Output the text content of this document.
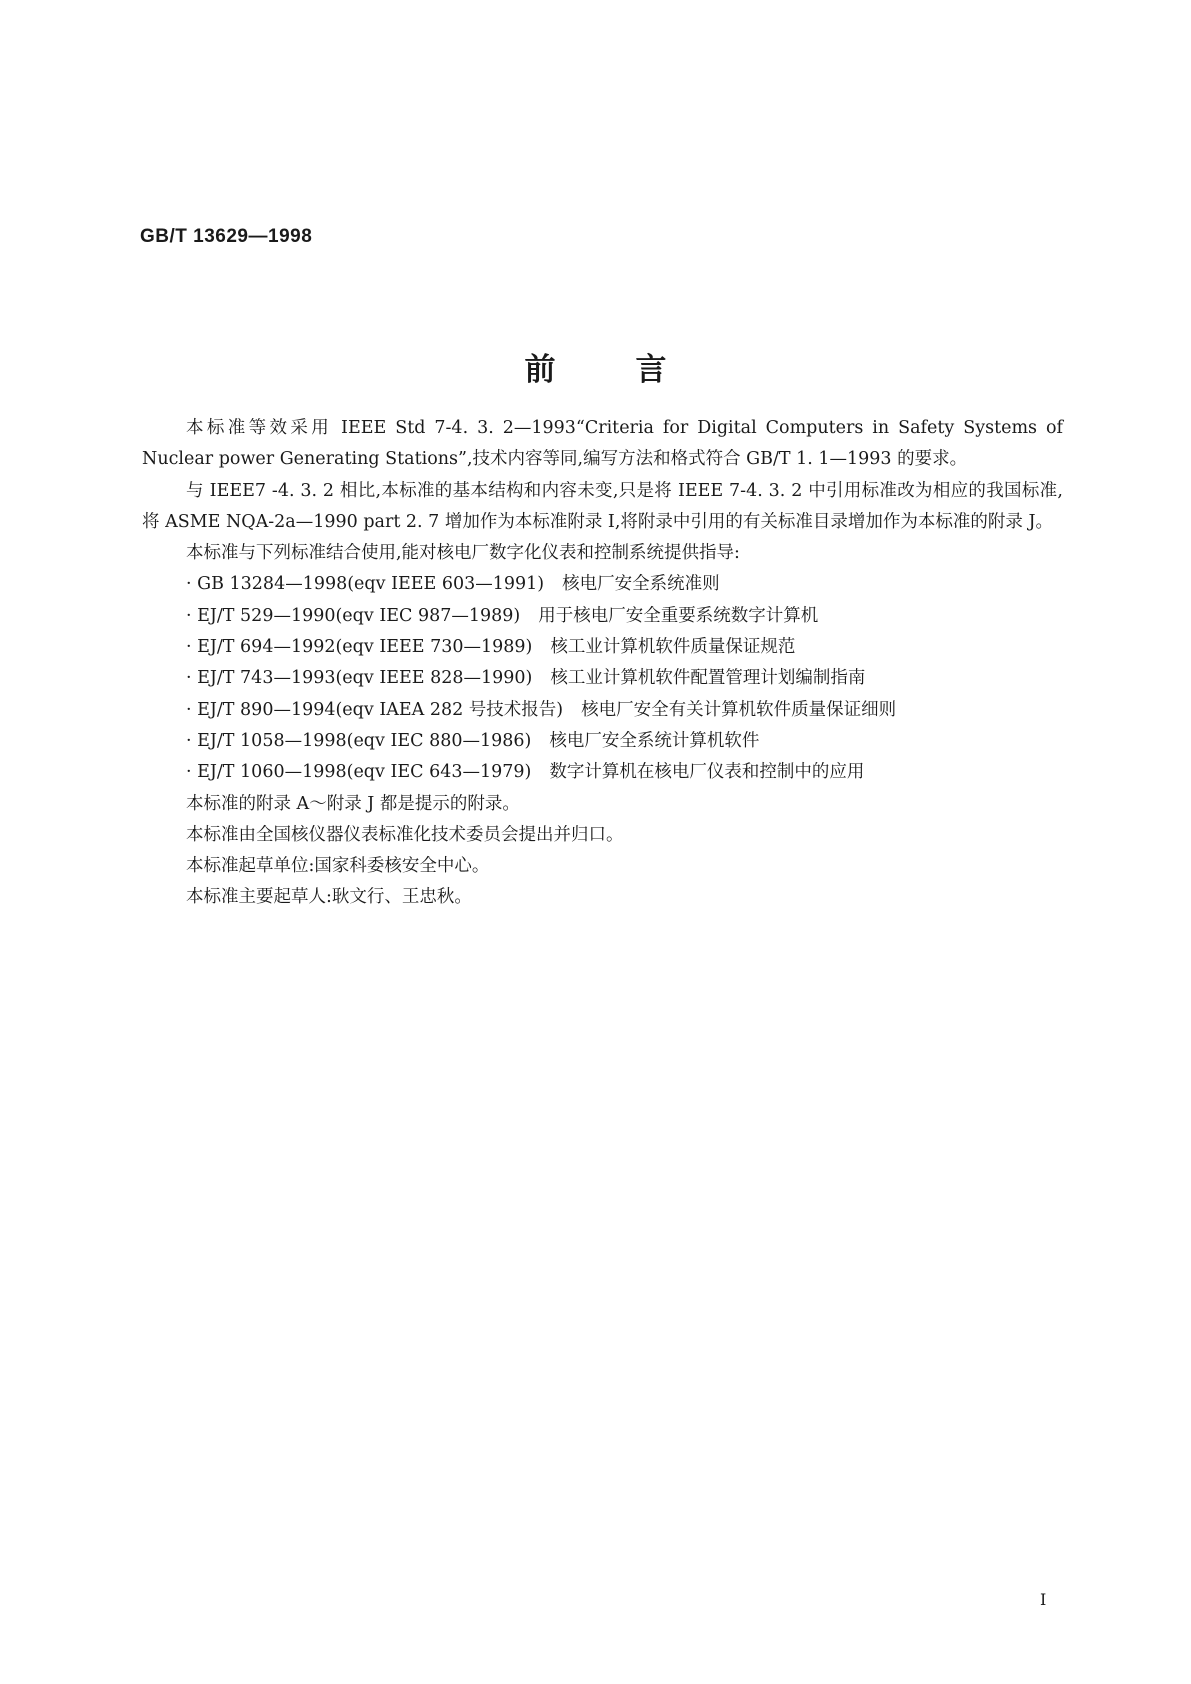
GB/T 13629—1998
前言

本标准等效采用 IEEE Std 7-4. 3. 2—1993“Criteria for Digital Computers in Safety Systems of Nuclear power Generating Stations”,技术内容等同,编写方法和格式符合 GB/T 1. 1—1993 的要求。

与 IEEE7 -4. 3. 2 相比,本标准的基本结构和内容未变,只是将 IEEE 7-4. 3. 2 中引用标准改为相应的我国标准,将 ASME NQA-2a—1990 part 2. 7 增加作为本标准附录 I,将附录中引用的有关标准目录增加作为本标准的附录 J。

本标准与下列标准结合使用,能对核电厂数字化仪表和控制系统提供指导:

· GB 13284—1998(eqv IEEE 603—1991) 核电厂安全系统准则
· EJ/T 529—1990(eqv IEC 987—1989) 用于核电厂安全重要系统数字计算机
· EJ/T 694—1992(eqv IEEE 730—1989) 核工业计算机软件质量保证规范
· EJ/T 743—1993(eqv IEEE 828—1990) 核工业计算机软件配置管理计划编制指南
· EJ/T 890—1994(eqv IAEA 282 号技术报告) 核电厂安全有关计算机软件质量保证细则
· EJ/T 1058—1998(eqv IEC 880—1986) 核电厂安全系统计算机软件
· EJ/T 1060—1998(eqv IEC 643—1979) 数字计算机在核电厂仪表和控制中的应用

本标准的附录 A～附录 J 都是提示的附录。

本标准由全国核仪器仪表标准化技术委员会提出并归口。

本标准起草单位:国家科委核安全中心。

本标准主要起草人:耿文行、王忠秋。

I
